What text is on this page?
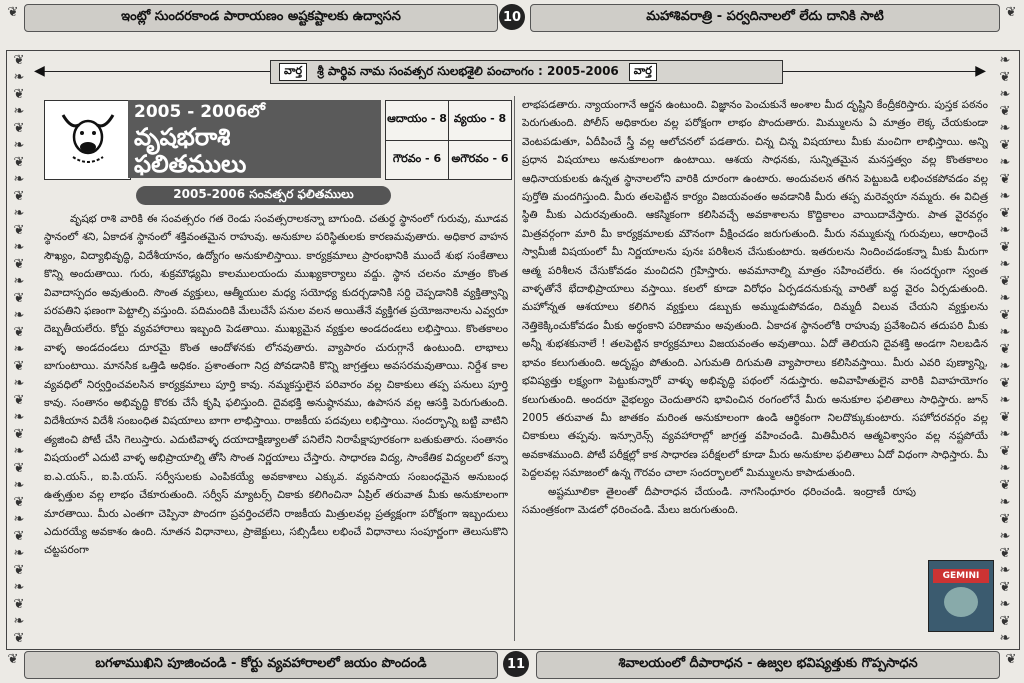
❦	ఇంట్లో సుందరకాండ పారాయణం అష్టకష్టాలకు ఉద్వాసన	10	మహాశివరాత్రి - పర్వదినాలలో లేదు దానికి సాటి	❦
❦
❧
❦
❧
❦
❧
❦
❧
❦
❧
❦
❧
❦
❧
❦
❧
❦
❧
❦
❧
❦
❧
❦
❧
❦
❧
❦
❧
❦
❧
❦
❧
❦
❧
❦
❧
❦
❧
❦
❧
❦
❧
❦
❧
❦
❧
❦
❧
❦
❧
❦
❧
❦
❧
❦
❧
❦
❧
❦
❧
❦
❧
❦
❧
❦
❧
❦
❧
❦
❧
◀	▶
వార్త	శ్రీ పార్థివ నామ సంవత్సర సులభశైలి పంచాంగం : 2005-2006	వార్త
2005 - 2006లో
వృషభరాశి
ఫలితములు
ఆదాయం - 8 వ్యయం - 8
గౌరవం - 6 అగౌరవం - 6
2005-2006 సంవత్సర ఫలితములు

వృషభ రాశి వారికి ఈ సంవత్సరం గత రెండు సంవత్సరాలకన్నా బాగుంది. చతుర్థ స్థానంలో గురువు, మూడవ స్థానంలో శని, ఏకాదశ స్థానంలో శక్తివంతమైన రాహువు. అనుకూల పరిస్థితులకు కారణమవుతారు. అధికార వాహన సౌఖ్యం, విద్యాభివృద్ధి, విదేశీయానం, ఉద్యోగం అనుకూలిస్తాయి. కార్యక్రమాలు ప్రారంభానికి ముందే శుభ సంకేతాలు కొన్ని అందుతాయి. గురు, శుక్రమౌఢ్యమి కాలములయందు ముఖ్యకార్యాలు వద్దు. స్థాన చలనం మాత్రం కొంత వివాదాస్పదం అవుతుంది. సొంత వ్యక్తులు, ఆత్మీయుల మధ్య సయోధ్య కుదర్చడానికి సర్ది చెప్పడానికి వ్యక్తిత్వాన్ని పరపతిని ఫణంగా పెట్టాల్సి వస్తుంది. పదిమందికి మేలుచేసే పనుల వలన అయితేనే వ్యక్తిగత ప్రయోజనాలను ఎవ్వరూ దెబ్బతీయలేరు. కోర్టు వ్యవహారాలు ఇబ్బంది పెడతాయి. ముఖ్యమైన వ్యక్తుల అండదండలు లభిస్తాయి. కొంతకాలం వాళ్ళ అండదండలు దూరమై కొంత ఆందోళనకు లోనవుతారు. వ్యాపారం చురుగ్గానే ఉంటుంది. లాభాలు బాగుంటాయి. మానసిక ఒత్తిడి అధికం. ప్రశాంతంగా నిద్ర పోవడానికి కొన్ని జాగ్రత్తలు అవసరమవుతాయి. నిర్దేశ కాల వ్యవధిలో నిర్వర్తించవలసిన కార్యక్రమాలు పూర్తి కావు. నమ్మకస్తులైన పరివారం వల్ల చికాకులు తప్ప పనులు పూర్తి కావు. సంతానం అభివృద్ధి కొరకు చేసే కృషి ఫలిస్తుంది. దైవభక్తి అనుష్ఠానము, ఉపాసన వల్ల ఆసక్తి పెరుగుతుంది. విదేశీయాన విదేశీ సంబంధిత విషయాలు బాగా లాభిస్తాయి. రాజకీయ పదవులు లభిస్తాయి. సందర్భాన్ని బట్టి వాటిని త్యజించి పోటీ చేసి గెలుస్తారు. ఎదుటివాళ్ళ దయాదాక్షిణ్యాలతో పనిలేని నిరాపేక్షాపూరకంగా బతుకుతారు. సంతానం విషయంలో ఎదుటి వాళ్ళ అభిప్రాయాల్ని తోసి సొంత నిర్ణయాలు చేస్తారు. సాధారణ విద్య, సాంకేతిక విద్యలలో కన్నా ఐ.ఎ.యస్., ఐ.పి.యస్. సర్వీసులకు ఎంపికయ్యే అవకాశాలు ఎక్కువ. వ్యవసాయ సంబంధమైన అనుబంధ ఉత్పత్తుల వల్ల లాభం చేకూరుతుంది. సర్వీస్ మ్యాటర్స్ చికాకు కలిగించినా ఏప్రిల్ తరువాత మీకు అనుకూలంగా మారతాయి. మీరు ఎంతగా చెప్పినా పొందగా ప్రవర్తించలేని రాజకీయ మిత్రులవల్ల ప్రత్యక్షంగా పరోక్షంగా ఇబ్బందులు ఎదురయ్యే అవకాశం ఉంది. నూతన విధానాలు, ప్రాజెక్టులు, సబ్సిడీలు లభించే విధానాలు సంపూర్ణంగా తెలుసుకొని చట్టపరంగా

లాభపడతారు. న్యాయంగానే ఆర్జన ఉంటుంది. విజ్ఞానం పెంచుకునే అంశాల మీద దృష్టిని కేంద్రీకరిస్తారు. పుస్తక పఠనం పెరుగుతుంది. పోలీస్ అధికారుల వల్ల పరోక్షంగా లాభం పొందుతారు. మిమ్ములను ఏ మాత్రం లెక్క చేయకుండా వెంటపడుతూ, ఏదీపించే స్త్రీ వల్ల ఆలోచనలో పడతారు. చిన్న చిన్న విషయాలు మీకు మంచిగా లాభిస్తాయి. అన్ని ప్రధాన విషయాలు అనుకూలంగా ఉంటాయి. ఆశయ సాధనకు, సున్నితమైన మనస్తత్వం వల్ల కొంతకాలం ఆధినాయకులకు ఉన్నత స్థానాలలోని వారికి దూరంగా ఉంటారు. అందువలన తగిన పెట్టుబడి లభించకపోవడం వల్ల పుర్తోతి మందగిస్తుంది. మీరు తలపెట్టిన కార్యం విజయవంతం అవడానికి మీరు తప్ప మరెవ్వరూ నమ్మరు. ఈ విచిత్ర స్థితి మీకు ఎదురవుతుంది. ఆకస్మికంగా కలిసివచ్చే అవకాశాలను కొద్దికాలం వాయిదావేస్తారు. పాత వైరవర్గం మిత్రవర్గంగా మారి మీ కార్యక్రమాలకు మౌనంగా వీక్షించడం జరుగుతుంది. మీరు నమ్ముకున్న గురువులు, ఆరాధించే స్వామీజీ విషయంలో మీ నిర్ణయాలను పునః పరిశీలన చేసుకుంటారు. ఇతరులను నిందించడంకన్నా మీకు మీరుగా ఆత్మ పరిశీలన చేసుకోవడం మంచిదని గ్రహిస్తారు. అవమానాల్ని మాత్రం సహించలేరు. ఈ సందర్భంగా స్వంత వాళ్ళతోనే భేదాభిప్రాయాలు వస్తాయి. కలలో కూడా విరోధం ఏర్పడదనుకున్న వారితో బద్ధ వైరం ఏర్పడుతుంది. మహోన్నత ఆశయాలు కలిగిన వ్యక్తులు డబ్బుకు అమ్ముడుపోవడం, దిమ్మదీ విలువ చేయని వ్యక్తులను నెత్తికెక్కించుకోవడం మీకు అర్థంకాని పరిణామం అవుతుంది. ఏకాదశ స్థానంలోకి రాహువు ప్రవేశించిన తదుపరి మీకు అన్నీ శుభశకునాలే ! తలపెట్టిన కార్యక్రమాలు విజయవంతం అవుతాయి. ఏదో తెలియని దైవశక్తి అండగా నిలబడిన భావం కలుగుతుంది. అదృష్టం పోతుంది. ఎగుమతి దిగుమతి వ్యాపారాలు కలిసివస్తాయి. మీరు ఎవరి పుణ్యాన్ని, భవిష్యత్తు లక్ష్యంగా పెట్టుకున్నారో వాళ్ళు అభివృద్ధి పథంలో నడుస్తారు. అవివాహితులైన వారికి వివాహయోగం కలుగుతుంది. అందరూ వైభల్యం చెందుతారని భావించిన రంగంలోనే మీరు అనుకూల ఫలితాలు సాధిస్తారు. జూన్ 2005 తరువాత మీ జాతకం మరింత అనుకూలంగా ఉండి ఆర్థికంగా నిలదొక్కుకుంటారు. సహోదరవర్గం వల్ల చికాకులు తప్పవు. ఇన్సూరెన్స్ వ్యవహారాల్లో జాగ్రత్త వహించండి. మితిమీరిన ఆత్మవిశ్వాసం వల్ల నష్టపోయే అవకాశముంది. పోటీ పరీక్షల్లో కాక సాధారణ పరీక్షలలో కూడా మీరు అనుకూల ఫలితాలు ఏదో విధంగా సాధిస్తారు. మీ పెద్దలవల్ల సమాజంలో ఉన్న గౌరవం చాలా సందర్భాలలో మిమ్ములను కాపాడుతుంది.

అష్టమూలికా తైలంతో దీపారాధన చేయండి. నాగసింధూరం ధరించండి. ఇంద్రాణీ రూపు సమంత్రకంగా మెడలో ధరించండి. మేలు జరుగుతుంది.

GEMINI
❦	బగళాముఖిని పూజించండి - కోర్టు వ్యవహారాలలో జయం పొందండి	11	శివాలయంలో దీపారాధన - ఉజ్వల భవిష్యత్తుకు గొప్పసాధన	❦
